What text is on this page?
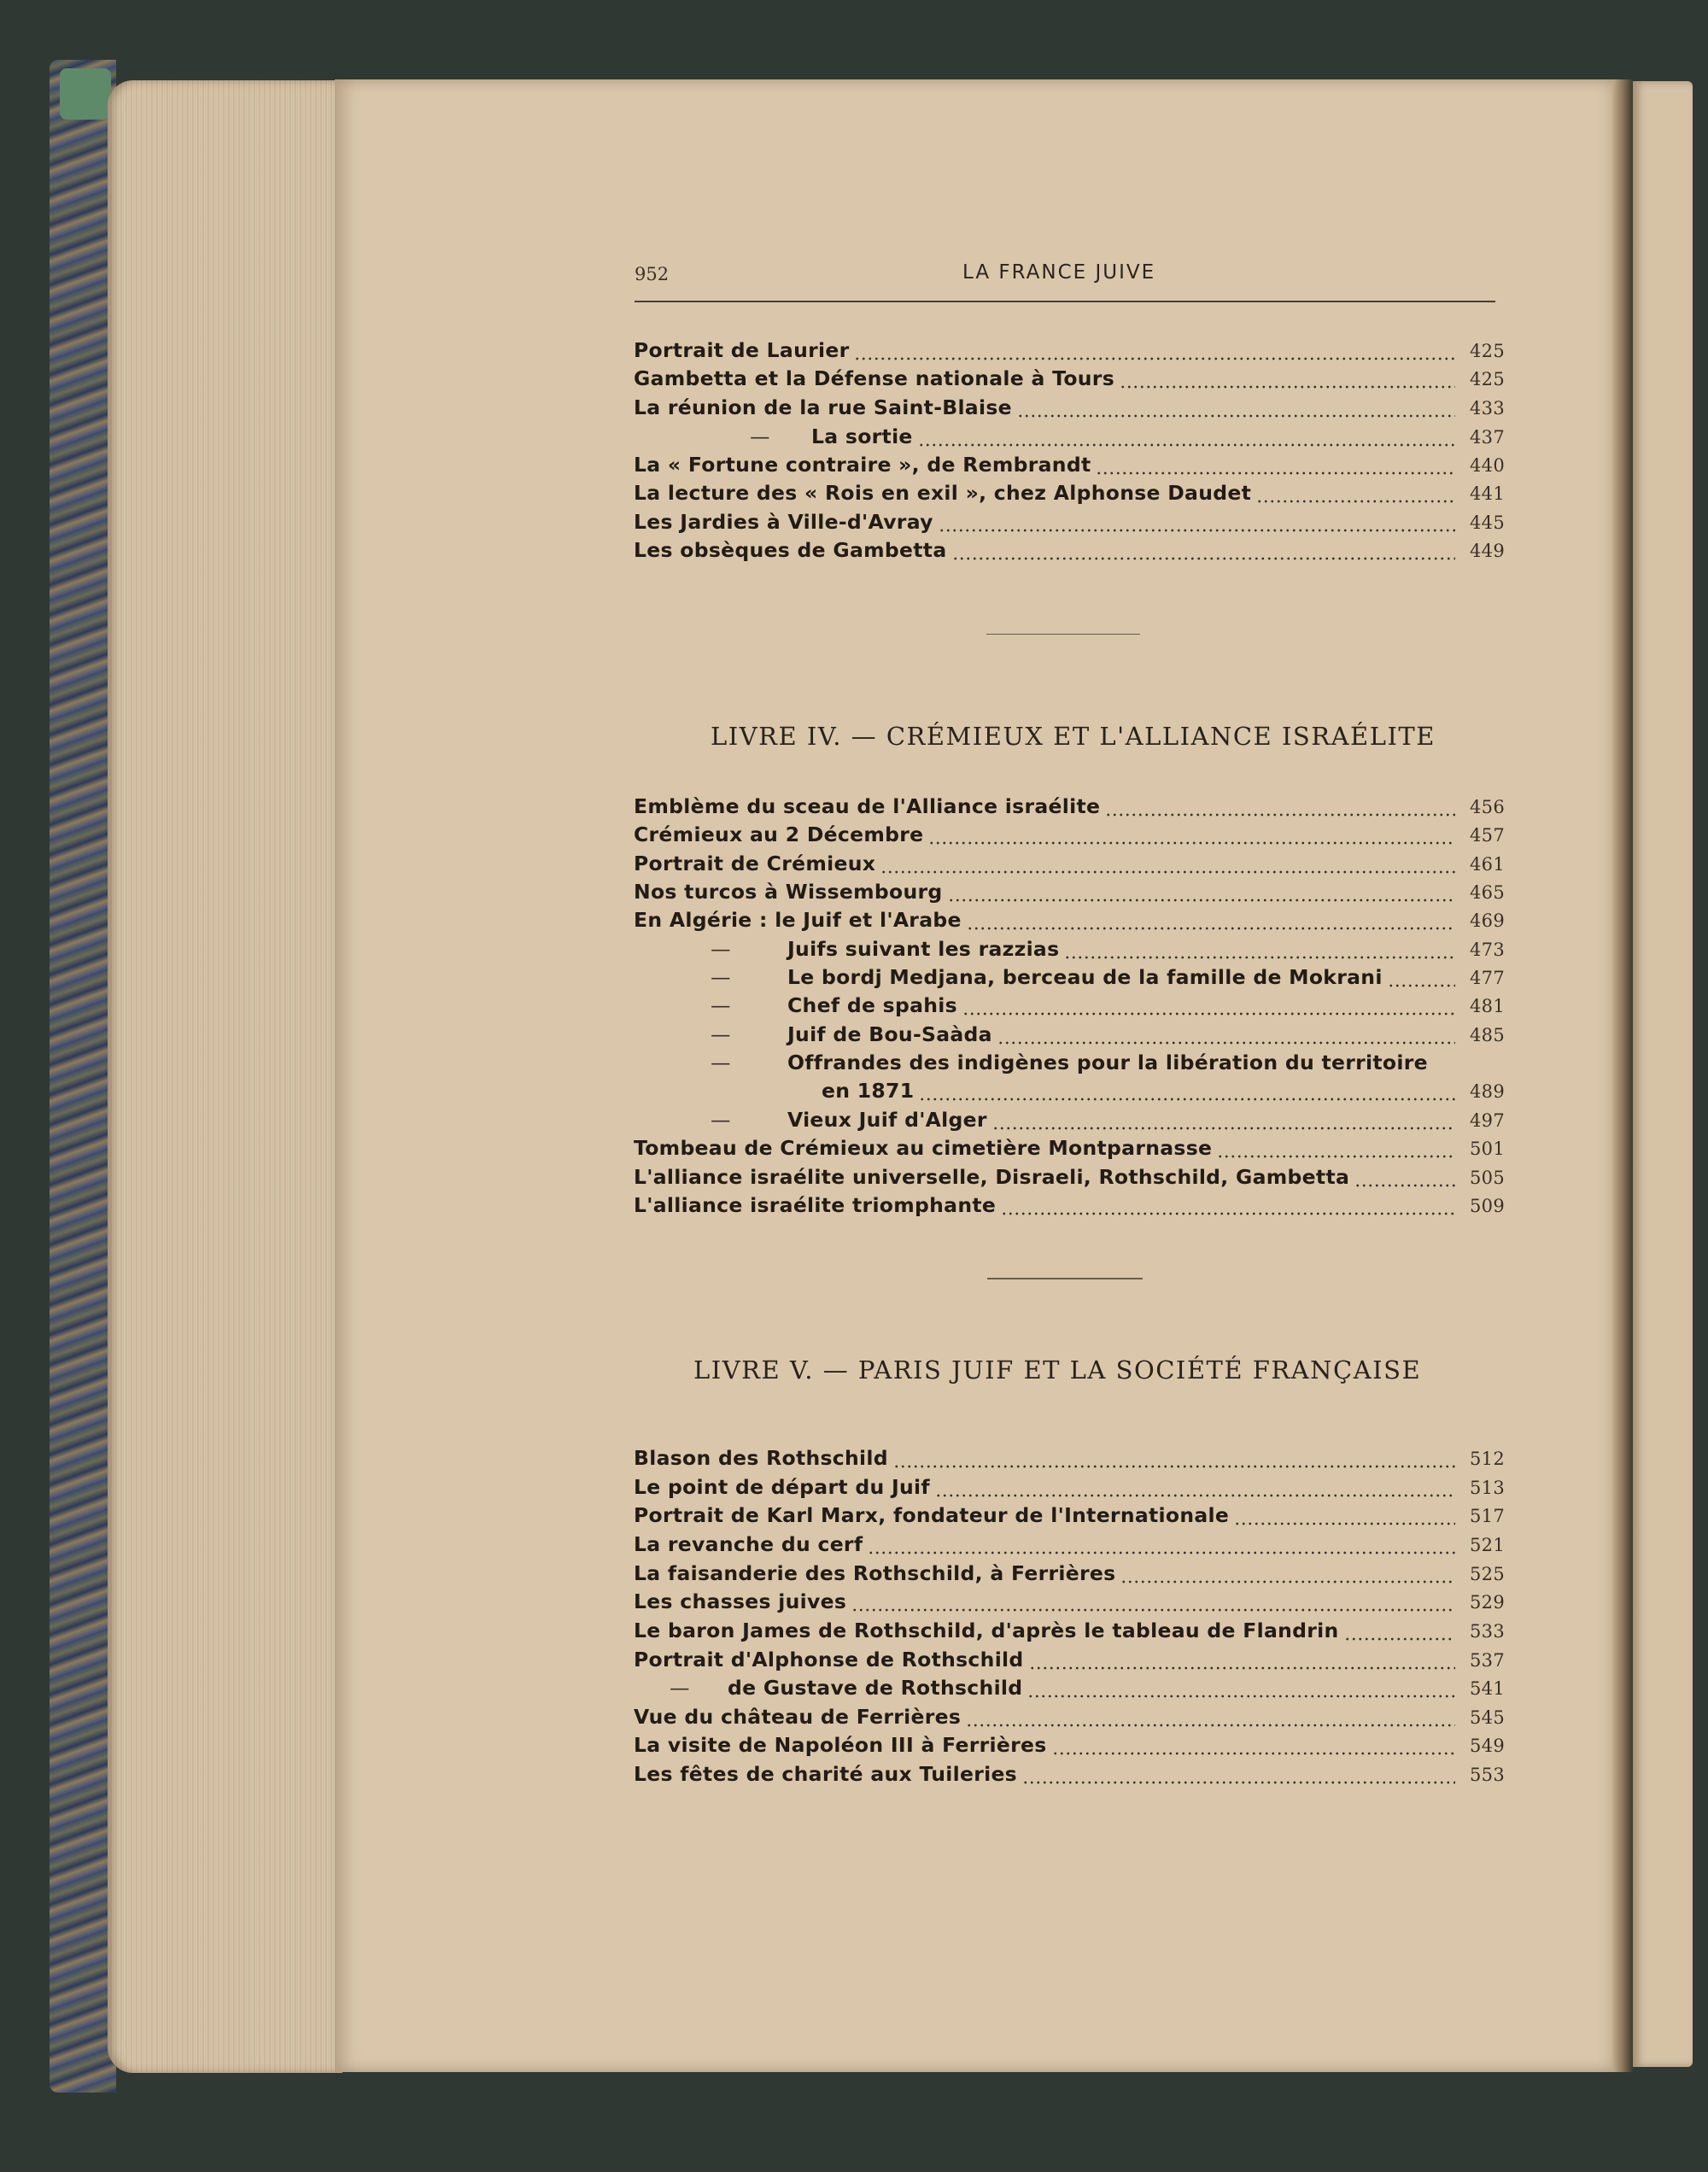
952	LA FRANCE JUIVE
Portrait de Laurier	425
Gambetta et la Défense nationale à Tours	425
La réunion de la rue Saint-Blaise	433
—	La sortie	437
La « Fortune contraire », de Rembrandt	440
La lecture des « Rois en exil », chez Alphonse Daudet	441
Les Jardies à Ville-d'Avray	445
Les obsèques de Gambetta	449
LIVRE IV. — CRÉMIEUX ET L'ALLIANCE ISRAÉLITE
Emblème du sceau de l'Alliance israélite	456
Crémieux au 2 Décembre	457
Portrait de Crémieux	461
Nos turcos à Wissembourg	465
En Algérie : le Juif et l'Arabe	469
—	Juifs suivant les razzias	473
—	Le bordj Medjana, berceau de la famille de Mokrani	477
—	Chef de spahis	481
—	Juif de Bou-Saàda	485
—	Offrandes des indigènes pour la libération du territoire
en 1871	489
—	Vieux Juif d'Alger	497
Tombeau de Crémieux au cimetière Montparnasse	501
L'alliance israélite universelle, Disraeli, Rothschild, Gambetta	505
L'alliance israélite triomphante	509
LIVRE V. — PARIS JUIF ET LA SOCIÉTÉ FRANÇAISE
Blason des Rothschild	512
Le point de départ du Juif	513
Portrait de Karl Marx, fondateur de l'Internationale	517
La revanche du cerf	521
La faisanderie des Rothschild, à Ferrières	525
Les chasses juives	529
Le baron James de Rothschild, d'après le tableau de Flandrin	533
Portrait d'Alphonse de Rothschild	537
—	de Gustave de Rothschild	541
Vue du château de Ferrières	545
La visite de Napoléon III à Ferrières	549
Les fêtes de charité aux Tuileries	553
